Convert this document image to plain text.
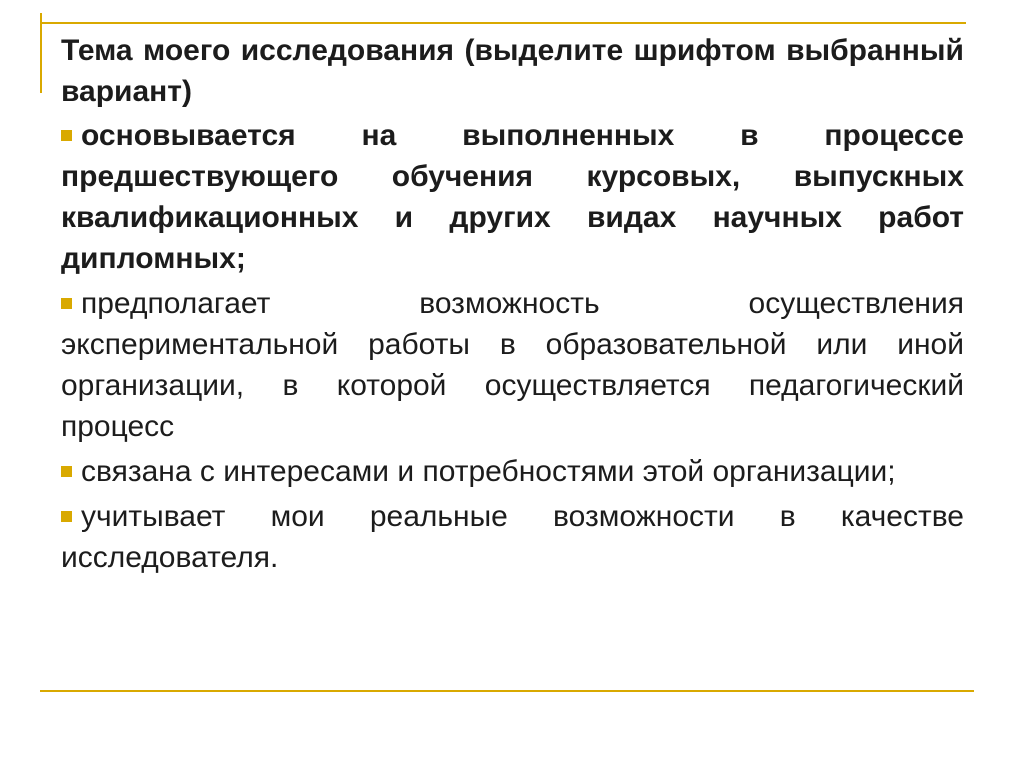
Тема моего исследования (выделите шрифтом выбранный вариант)

основывается на выполненных в процессе предшествующего обучения курсовых, выпускных квалификационных и других видах научных работ дипломных;

предполагает возможность осуществления экспериментальной работы в образовательной или иной организации, в которой осуществляется педагогический процесс

связана с интересами и потребностями этой организации;

учитывает мои реальные возможности в качестве исследователя.
